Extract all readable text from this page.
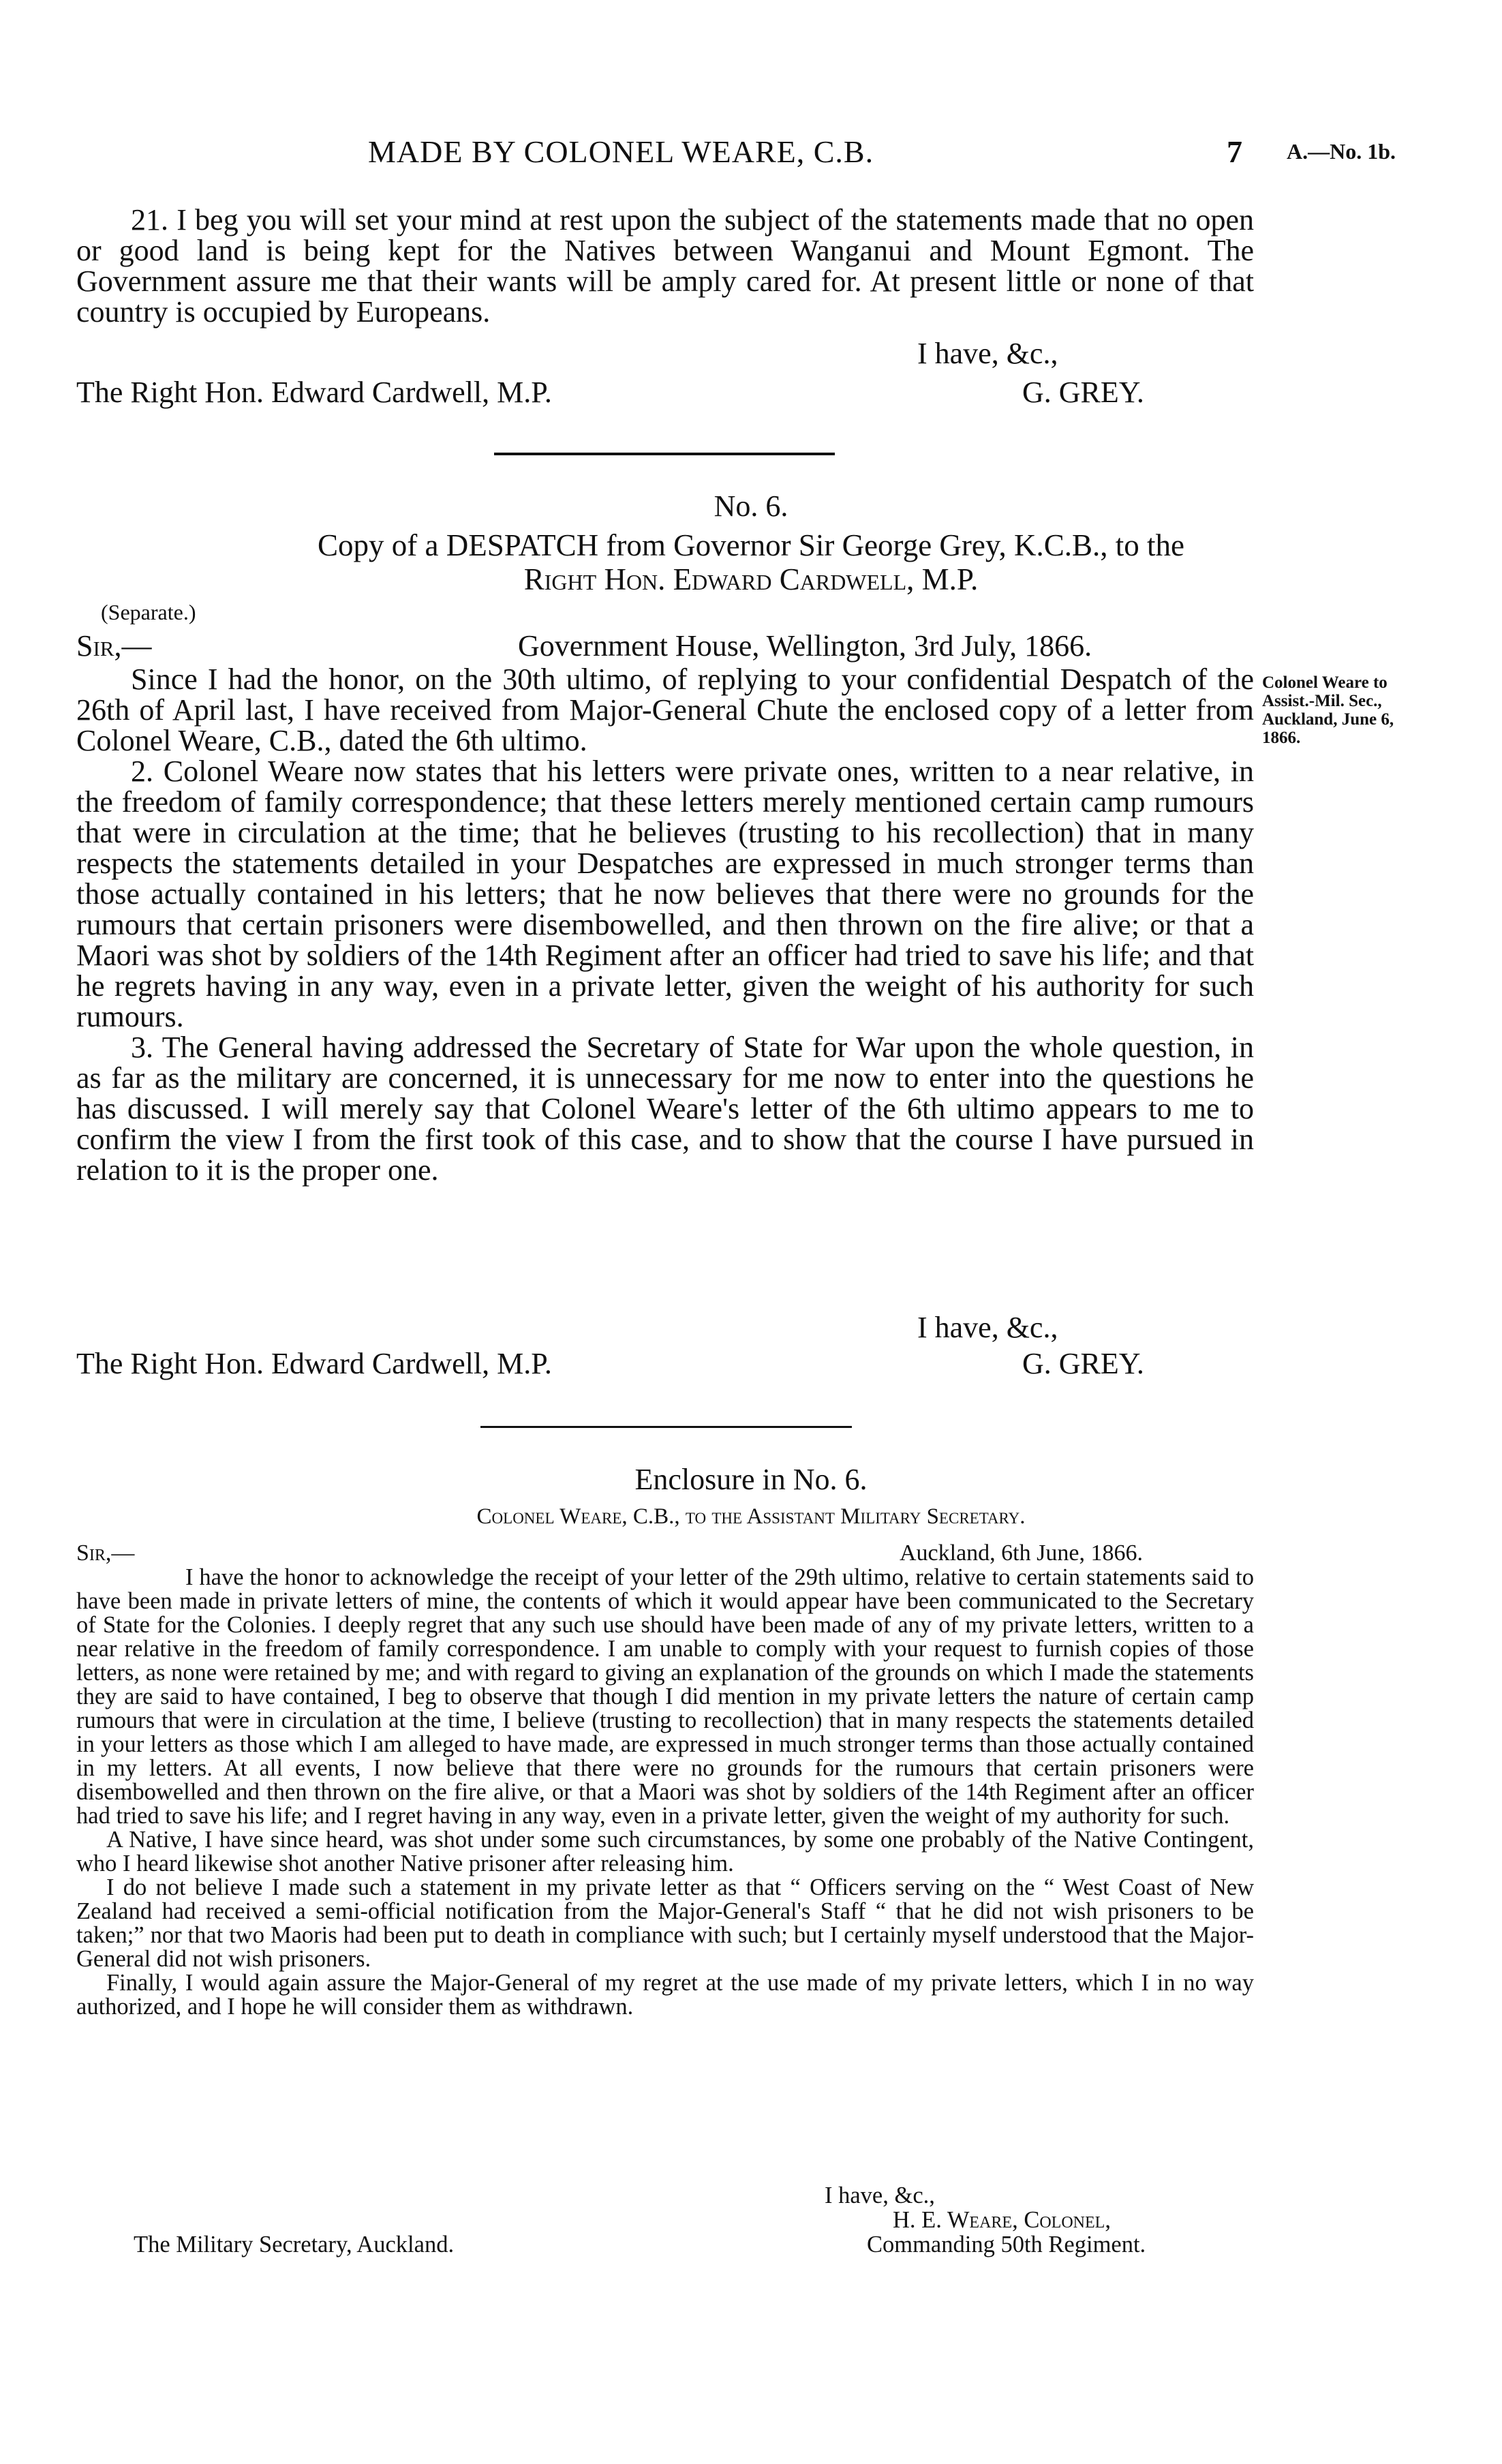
MADE BY COLONEL WEARE, C.B.	7 A.—No. 1b.

21. I beg you will set your mind at rest upon the subject of the statements made that no open or good land is being kept for the Natives between Wanganui and Mount Egmont. The Government assure me that their wants will be amply cared for. At present little or none of that country is occupied by Europeans.

I have, &c.,
The Right Hon. Edward Cardwell, M.P.	G. GREY.
No. 6.
Copy of a DESPATCH from Governor Sir George Grey, K.C.B., to the
Right Hon. Edward Cardwell, M.P.
(Separate.)
Sir,—	Government House, Wellington, 3rd July, 1866.
Colonel Weare to
Assist.-Mil. Sec.,
Auckland, June 6,
1866.

Since I had the honor, on the 30th ultimo, of replying to your confidential Despatch of the 26th of April last, I have received from Major-General Chute the enclosed copy of a letter from Colonel Weare, C.B., dated the 6th ultimo.

2. Colonel Weare now states that his letters were private ones, written to a near relative, in the freedom of family correspondence; that these letters merely mentioned certain camp rumours that were in circulation at the time; that he believes (trusting to his recollection) that in many respects the statements detailed in your Despatches are expressed in much stronger terms than those actually contained in his letters; that he now believes that there were no grounds for the rumours that certain prisoners were disembowelled, and then thrown on the fire alive; or that a Maori was shot by soldiers of the 14th Regiment after an officer had tried to save his life; and that he regrets having in any way, even in a private letter, given the weight of his authority for such rumours.

3. The General having addressed the Secretary of State for War upon the whole question, in as far as the military are concerned, it is unnecessary for me now to enter into the questions he has discussed. I will merely say that Colonel Weare's letter of the 6th ultimo appears to me to confirm the view I from the first took of this case, and to show that the course I have pursued in relation to it is the proper one.

I have, &c.,
The Right Hon. Edward Cardwell, M.P.	G. GREY.
Enclosure in No. 6.
Colonel Weare, C.B., to the Assistant Military Secretary.
Sir,—	Auckland, 6th June, 1866.

I have the honor to acknowledge the receipt of your letter of the 29th ultimo, relative to certain statements said to have been made in private letters of mine, the contents of which it would appear have been communicated to the Secretary of State for the Colonies. I deeply regret that any such use should have been made of any of my private letters, written to a near relative in the freedom of family correspondence. I am unable to comply with your request to furnish copies of those letters, as none were retained by me; and with regard to giving an explanation of the grounds on which I made the statements they are said to have contained, I beg to observe that though I did mention in my private letters the nature of certain camp rumours that were in circulation at the time, I believe (trusting to recollection) that in many respects the statements detailed in your letters as those which I am alleged to have made, are expressed in much stronger terms than those actually contained in my letters. At all events, I now believe that there were no grounds for the rumours that certain prisoners were disembowelled and then thrown on the fire alive, or that a Maori was shot by soldiers of the 14th Regiment after an officer had tried to save his life; and I regret having in any way, even in a private letter, given the weight of my authority for such.

A Native, I have since heard, was shot under some such circumstances, by some one probably of the Native Contingent, who I heard likewise shot another Native prisoner after releasing him.

I do not believe I made such a statement in my private letter as that “ Officers serving on the “ West Coast of New Zealand had received a semi-official notification from the Major-General's Staff “ that he did not wish prisoners to be taken;” nor that two Maoris had been put to death in compliance with such; but I certainly myself understood that the Major-General did not wish prisoners.

Finally, I would again assure the Major-General of my regret at the use made of my private letters, which I in no way authorized, and I hope he will consider them as withdrawn.

I have, &c.,
H. E. Weare, Colonel,
The Military Secretary, Auckland.	Commanding 50th Regiment.
